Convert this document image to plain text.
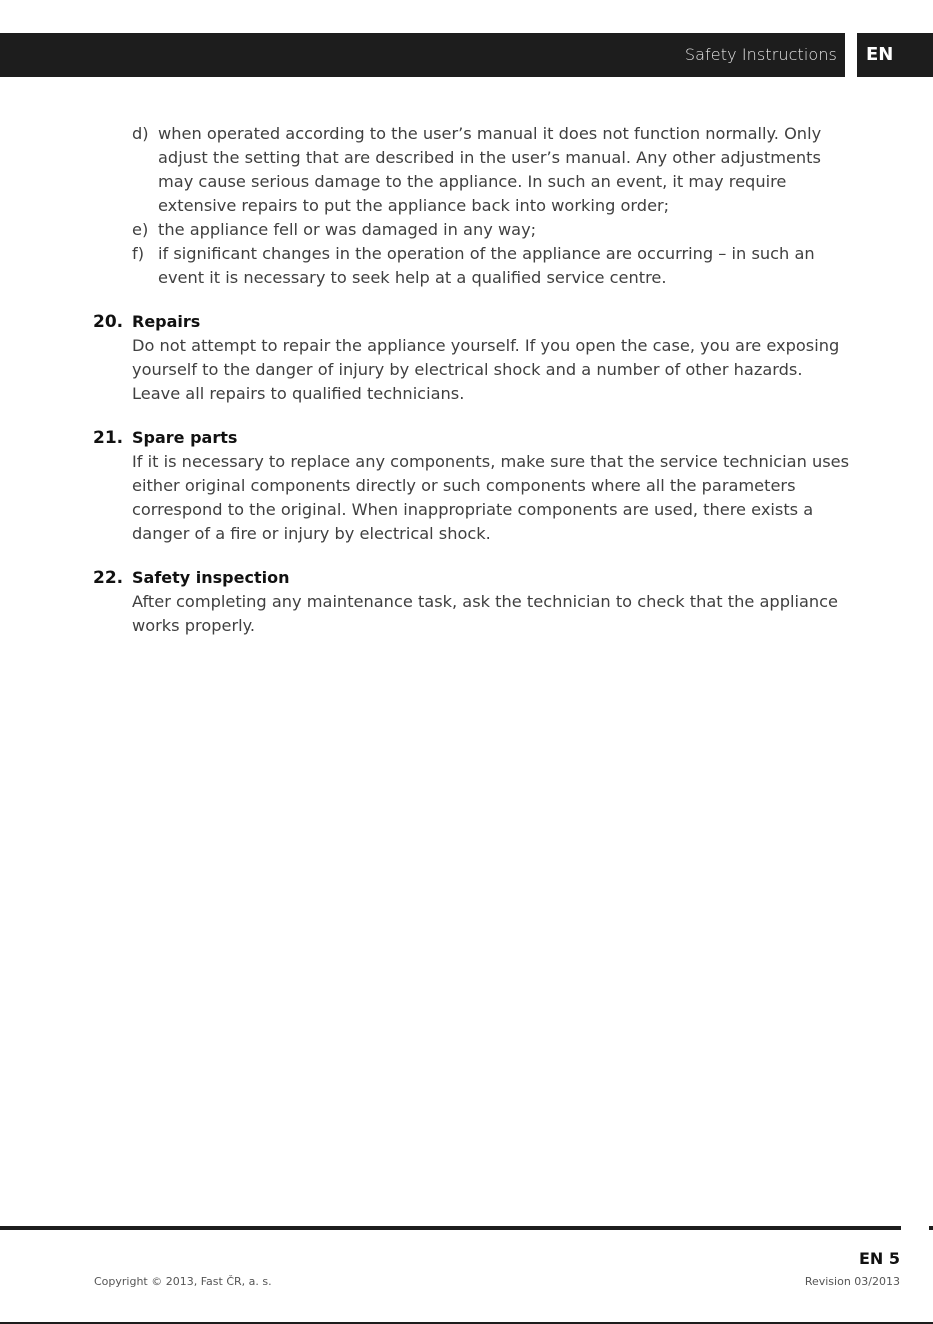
Safety Instructions EN
d) when operated according to the user’s manual it does not function normally. Only adjust the setting that are described in the user’s manual. Any other adjustments may cause serious damage to the appliance. In such an event, it may require extensive repairs to put the appliance back into working order;
e) the appliance fell or was damaged in any way;
f) if significant changes in the operation of the appliance are occurring – in such an event it is necessary to seek help at a qualified service centre.
20. Repairs

Do not attempt to repair the appliance yourself. If you open the case, you are exposing yourself to the danger of injury by electrical shock and a number of other hazards. Leave all repairs to qualified technicians.

21. Spare parts

If it is necessary to replace any components, make sure that the service technician uses either original components directly or such components where all the parameters correspond to the original. When inappropriate components are used, there exists a danger of a fire or injury by electrical shock.

22. Safety inspection

After completing any maintenance task, ask the technician to check that the appliance works properly.

EN 5
Copyright © 2013, Fast ČR, a. s.	Revision 03/2013
